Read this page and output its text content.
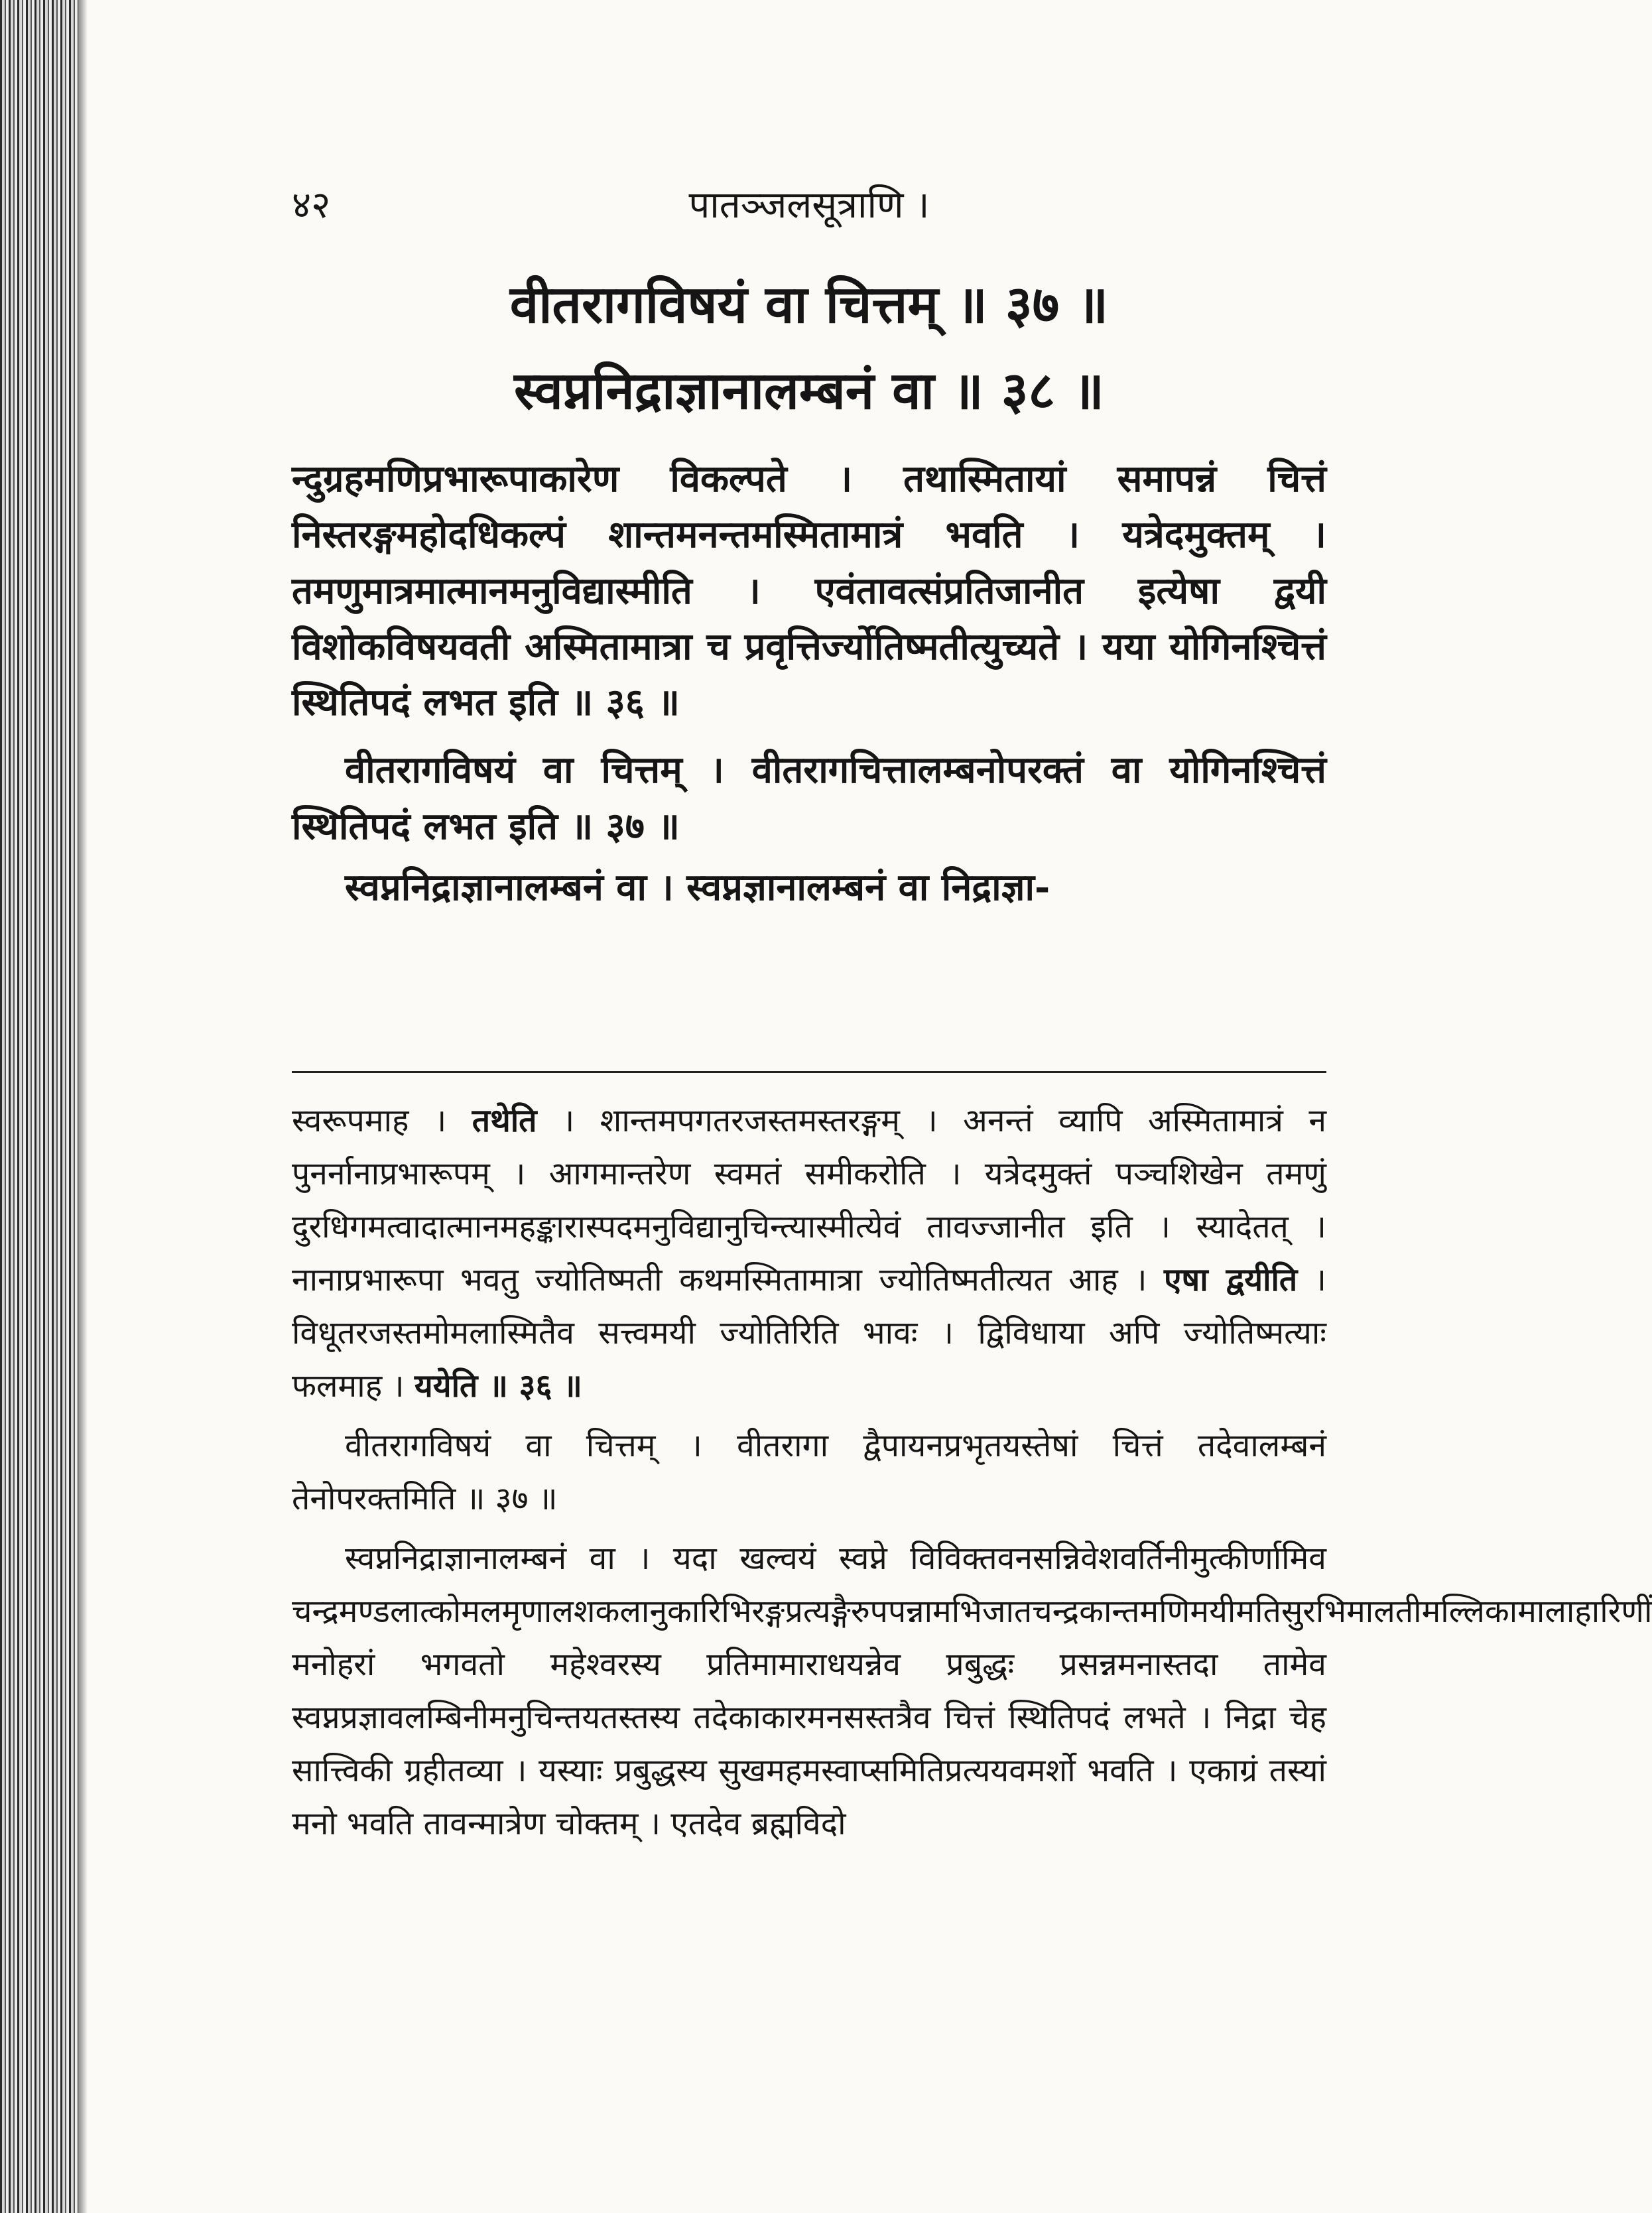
४२	पातञ्जलसूत्राणि ।
वीतरागविषयं वा चित्तम् ॥ ३७ ॥
स्वप्ननिद्राज्ञानालम्बनं वा ॥ ३८ ॥

न्दुग्रहमणिप्रभारूपाकारेण विकल्पते । तथास्मितायां समापन्नं चित्तं निस्तरङ्गमहोदधिकल्पं शान्तमनन्तमस्मितामात्रं भवति । यत्रेदमुक्तम् । तमणुमात्रमात्मानमनुविद्यास्मीति । एवंतावत्संप्रतिजानीत इत्येषा द्वयी विशोकविषयवती अस्मितामात्रा च प्रवृत्तिर्ज्योतिष्मतीत्युच्यते । यया योगिनश्चित्तं स्थितिपदं लभत इति ॥ ३६ ॥

वीतरागविषयं वा चित्तम् । वीतरागचित्तालम्बनोपरक्तं वा योगिनश्चित्तं स्थितिपदं लभत इति ॥ ३७ ॥

स्वप्ननिद्राज्ञानालम्बनं वा । स्वप्नज्ञानालम्बनं वा निद्राज्ञा-

स्वरूपमाह । तथेति । शान्तमपगतरजस्तमस्तरङ्गम् । अनन्तं व्यापि अस्मितामात्रं न पुनर्नानाप्रभारूपम् । आगमान्तरेण स्वमतं समीकरोति । यत्रेदमुक्तं पञ्चशिखेन तमणुं दुरधिगमत्वादात्मानमहङ्कारास्पदमनुविद्यानुचिन्त्यास्मीत्येवं तावज्जानीत इति । स्यादेतत् । नानाप्रभारूपा भवतु ज्योतिष्मती कथमस्मितामात्रा ज्योतिष्मतीत्यत आह । एषा द्वयीति । विधूतरजस्तमोमलास्मितैव सत्त्वमयी ज्योतिरिति भावः । द्विविधाया अपि ज्योतिष्मत्याः फलमाह । ययेति ॥ ३६ ॥

वीतरागविषयं वा चित्तम् । वीतरागा द्वैपायनप्रभृतयस्तेषां चित्तं तदेवालम्बनं तेनोपरक्तमिति ॥ ३७ ॥

स्वप्ननिद्राज्ञानालम्बनं वा । यदा खल्वयं स्वप्ने विविक्तवनसन्निवेशवर्तिनीमुत्कीर्णामिव चन्द्रमण्डलात्कोमलमृणालशकलानुकारिभिरङ्गप्रत्यङ्गैरुपपन्नामभिजातचन्द्रकान्तमणिमयीमतिसुरभिमालतीमल्लिकामालाहारिणीं मनोहरां भगवतो महेश्वरस्य प्रतिमामाराधयन्नेव प्रबुद्धः प्रसन्नमनास्तदा तामेव स्वप्नप्रज्ञावलम्बिनीमनुचिन्तयतस्तस्य तदेकाकारमनसस्तत्रैव चित्तं स्थितिपदं लभते । निद्रा चेह सात्त्विकी ग्रहीतव्या । यस्याः प्रबुद्धस्य सुखमहमस्वाप्समितिप्रत्ययवमर्शो भवति । एकाग्रं तस्यां मनो भवति तावन्मात्रेण चोक्तम् । एतदेव ब्रह्मविदो
